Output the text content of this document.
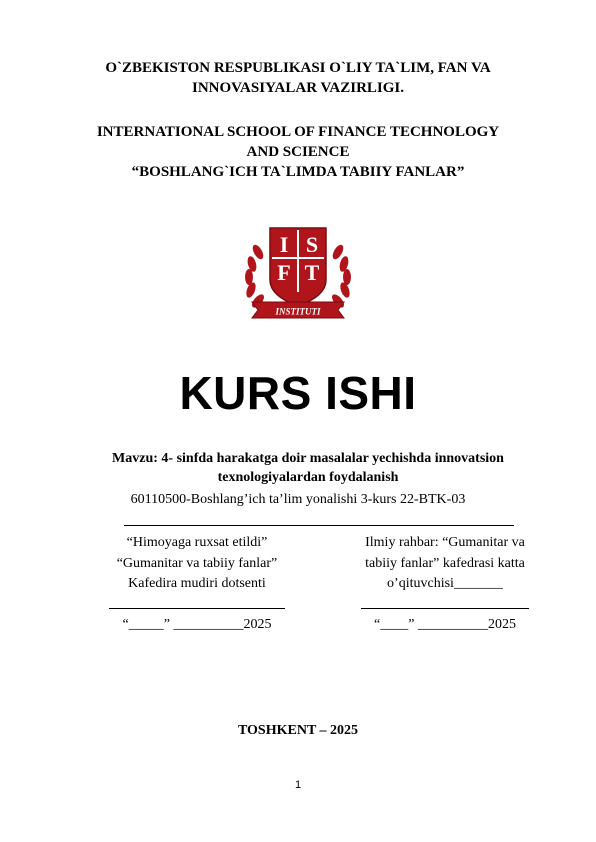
O`ZBEKISTON RESPUBLIKASI O`LIY TA`LIM, FAN VA
INNOVASIYALAR VAZIRLIGI.
INTERNATIONAL SCHOOL OF FINANCE TECHNOLOGY
AND SCIENCE
“BOSHLANG`ICH TA`LIMDA TABIIY FANLAR”
I S
F T
INSTITUTI
KURS ISHI
Mavzu: 4- sinfda harakatga doir masalalar yechishda innovatsion
texnologiyalardan foydalanish
60110500-Boshlang’ich ta’lim yonalishi 3-kurs 22-BTK-03
“Himoyaga ruxsat etildi”
“Gumanitar va tabiiy fanlar”
Kafedira mudiri dotsenti
“_____” __________2025
Ilmiy rahbar: “Gumanitar va
tabiiy fanlar” kafedrasi katta
o’qituvchisi_______
“____” __________2025
TOSHKENT – 2025
1
